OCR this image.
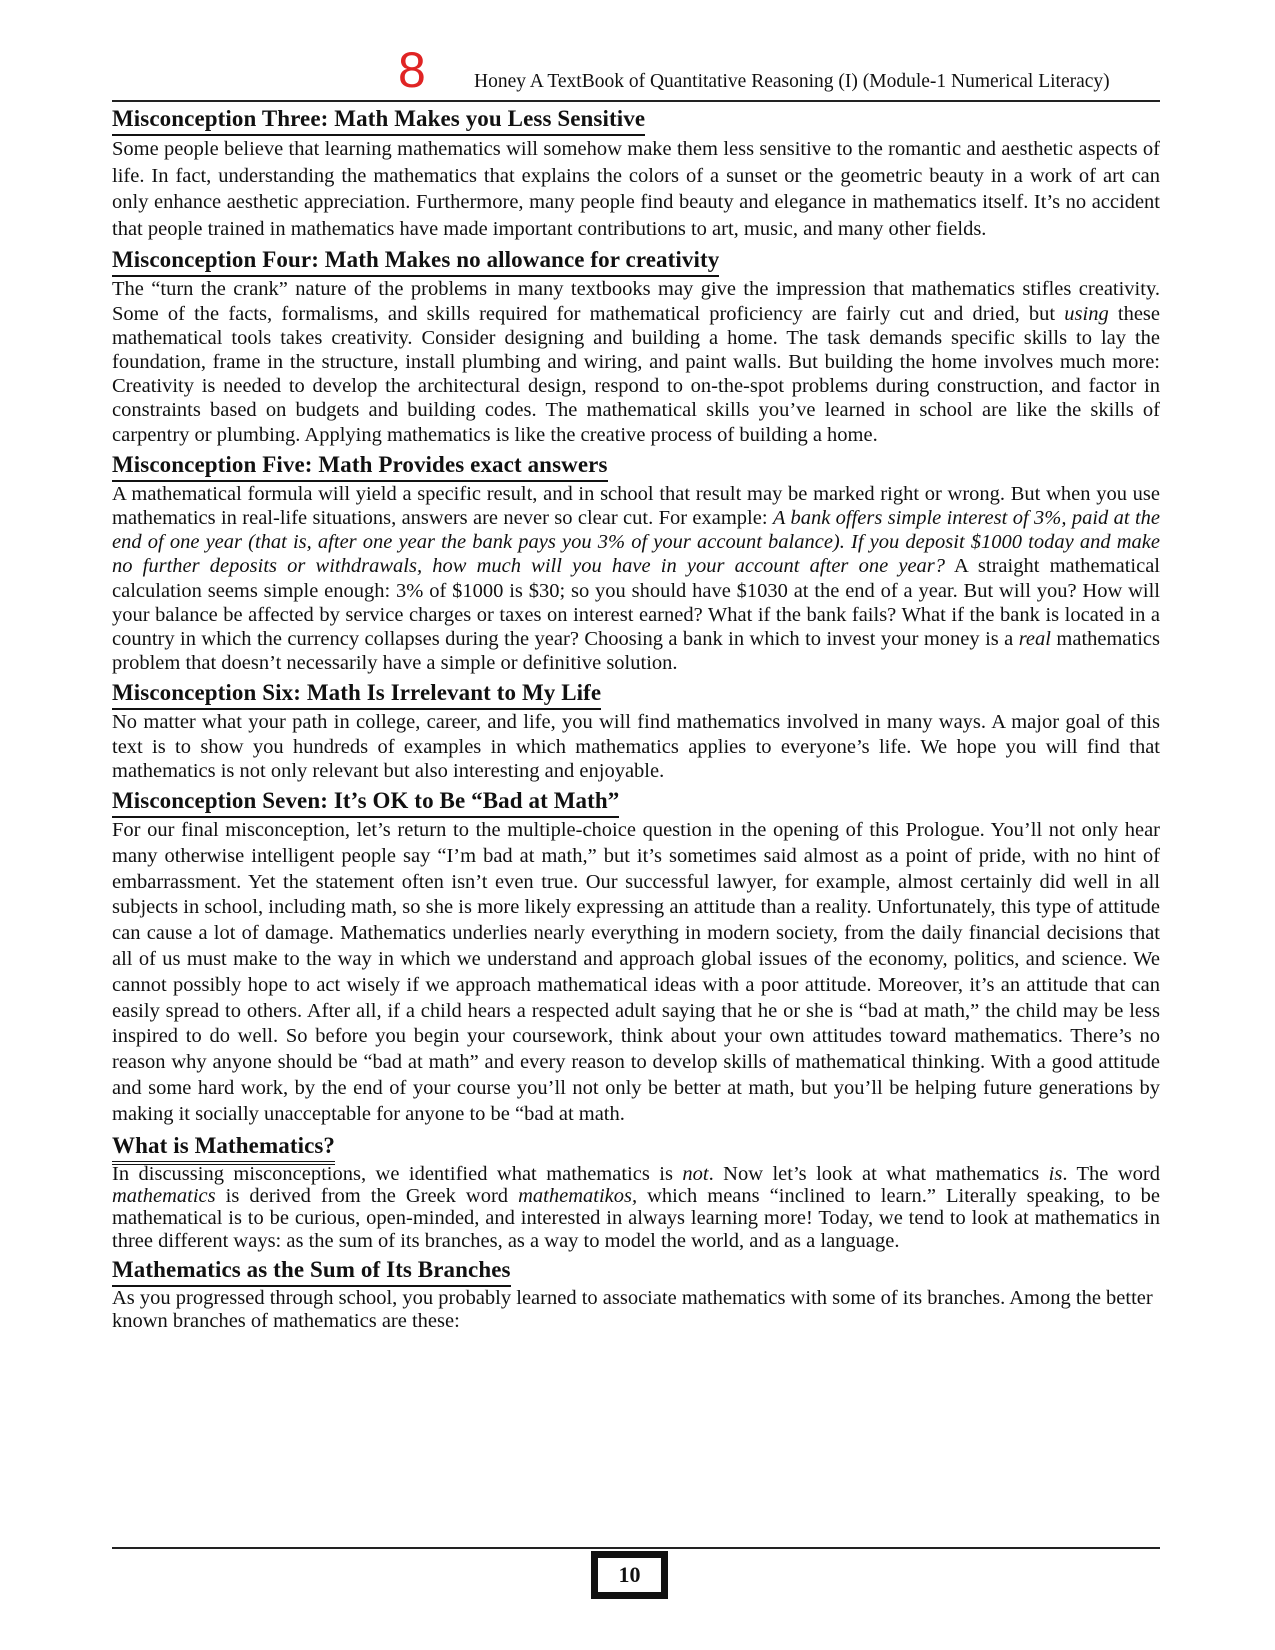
8 Honey A TextBook of Quantitative Reasoning (I) (Module-1 Numerical Literacy)
Misconception Three: Math Makes you Less Sensitive

Some people believe that learning mathematics will somehow make them less sensitive to the romantic and aesthetic aspects of life. In fact, understanding the mathematics that explains the colors of a sunset or the geometric beauty in a work of art can only enhance aesthetic appreciation. Furthermore, many people find beauty and elegance in mathematics itself. It’s no accident that people trained in mathematics have made important contributions to art, music, and many other fields.

Misconception Four: Math Makes no allowance for creativity

The “turn the crank” nature of the problems in many textbooks may give the impression that mathematics stifles creativity. Some of the facts, formalisms, and skills required for mathematical proficiency are fairly cut and dried, but using these mathematical tools takes creativity. Consider designing and building a home. The task demands specific skills to lay the foundation, frame in the structure, install plumbing and wiring, and paint walls. But building the home involves much more: Creativity is needed to develop the architectural design, respond to on-the-spot problems during construction, and factor in constraints based on budgets and building codes. The mathematical skills you’ve learned in school are like the skills of carpentry or plumbing. Applying mathematics is like the creative process of building a home.

Misconception Five: Math Provides exact answers

A mathematical formula will yield a specific result, and in school that result may be marked right or wrong. But when you use mathematics in real-life situations, answers are never so clear cut. For example: A bank offers simple interest of 3%, paid at the end of one year (that is, after one year the bank pays you 3% of your account balance). If you deposit $1000 today and make no further deposits or withdrawals, how much will you have in your account after one year? A straight mathematical calculation seems simple enough: 3% of $1000 is $30; so you should have $1030 at the end of a year. But will you? How will your balance be affected by service charges or taxes on interest earned? What if the bank fails? What if the bank is located in a country in which the currency collapses during the year? Choosing a bank in which to invest your money is a real mathematics problem that doesn’t necessarily have a simple or definitive solution.

Misconception Six: Math Is Irrelevant to My Life

No matter what your path in college, career, and life, you will find mathematics involved in many ways. A major goal of this text is to show you hundreds of examples in which mathematics applies to everyone’s life. We hope you will find that mathematics is not only relevant but also interesting and enjoyable.

Misconception Seven: It’s OK to Be “Bad at Math”

For our final misconception, let’s return to the multiple-choice question in the opening of this Prologue. You’ll not only hear many otherwise intelligent people say “I’m bad at math,” but it’s sometimes said almost as a point of pride, with no hint of embarrassment. Yet the statement often isn’t even true. Our successful lawyer, for example, almost certainly did well in all subjects in school, including math, so she is more likely expressing an attitude than a reality. Unfortunately, this type of attitude can cause a lot of damage. Mathematics underlies nearly everything in modern society, from the daily financial decisions that all of us must make to the way in which we understand and approach global issues of the economy, politics, and science. We cannot possibly hope to act wisely if we approach mathematical ideas with a poor attitude. Moreover, it’s an attitude that can easily spread to others. After all, if a child hears a respected adult saying that he or she is “bad at math,” the child may be less inspired to do well. So before you begin your coursework, think about your own attitudes toward mathematics. There’s no reason why anyone should be “bad at math” and every reason to develop skills of mathematical thinking. With a good attitude and some hard work, by the end of your course you’ll not only be better at math, but you’ll be helping future generations by making it socially unacceptable for anyone to be “bad at math.

What is Mathematics?

In discussing misconceptions, we identified what mathematics is not. Now let’s look at what mathematics is. The word mathematics is derived from the Greek word mathematikos, which means “inclined to learn.” Literally speaking, to be mathematical is to be curious, open-minded, and interested in always learning more! Today, we tend to look at mathematics in three different ways: as the sum of its branches, as a way to model the world, and as a language.

Mathematics as the Sum of Its Branches

As you progressed through school, you probably learned to associate mathematics with some of its branches. Among the better known branches of mathematics are these:

10
